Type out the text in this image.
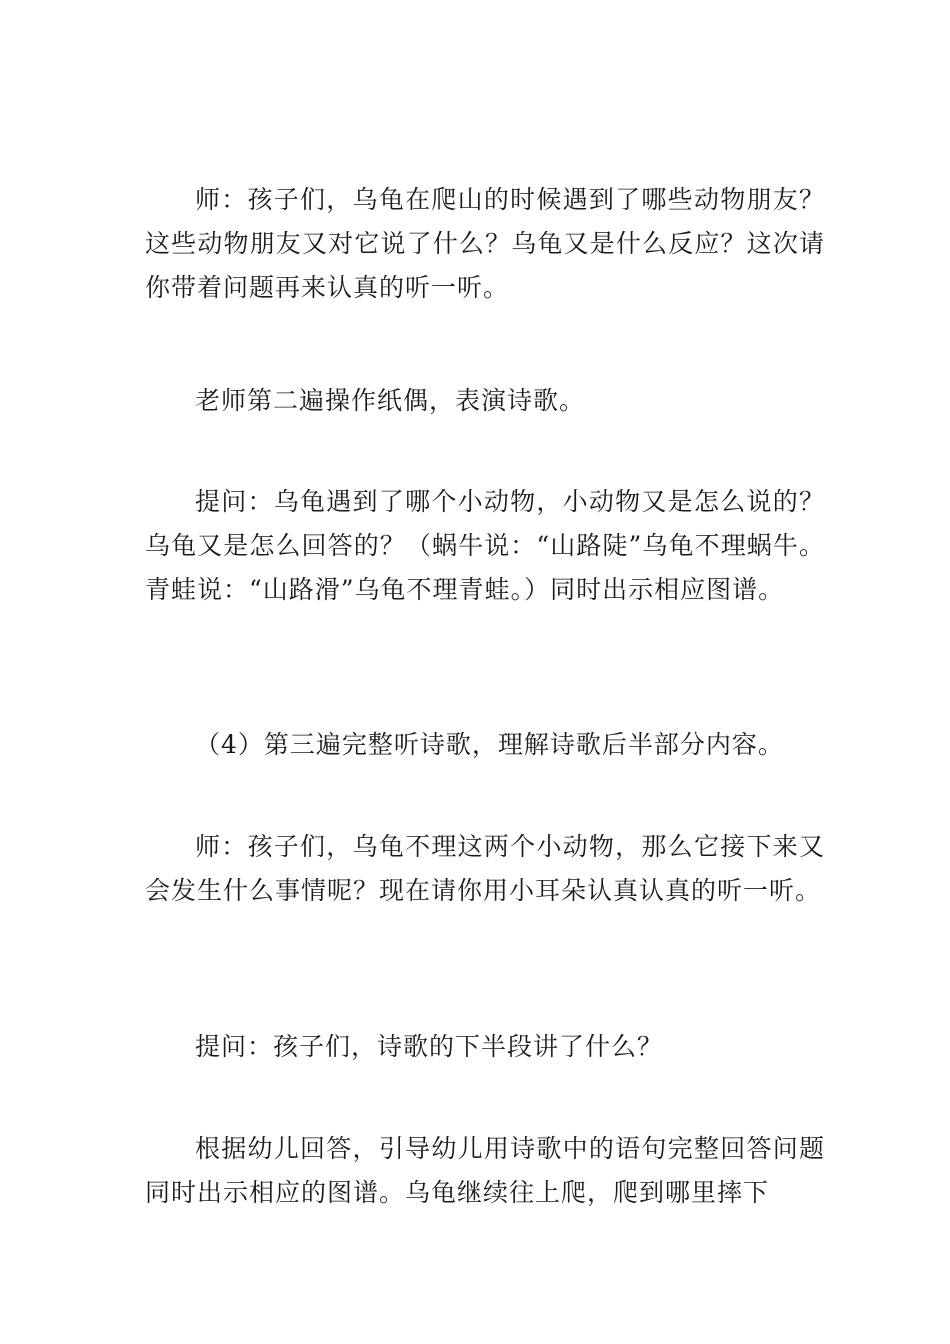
师：孩子们，乌龟在爬山的时候遇到了哪些动物朋友？这些动物朋友又对它说了什么？乌龟又是什么反应？这次请你带着问题再来认真的听一听。

老师第二遍操作纸偶，表演诗歌。

提问：乌龟遇到了哪个小动物，小动物又是怎么说的？乌龟又是怎么回答的？（蜗牛说：“山路陡”乌龟不理蜗牛。青蛙说：“山路滑”乌龟不理青蛙。）同时出示相应图谱。

（4）第三遍完整听诗歌，理解诗歌后半部分内容。

师：孩子们，乌龟不理这两个小动物，那么它接下来又会发生什么事情呢？现在请你用小耳朵认真认真的听一听。

提问：孩子们，诗歌的下半段讲了什么？

根据幼儿回答，引导幼儿用诗歌中的语句完整回答问题同时出示相应的图谱。乌龟继续往上爬，爬到哪里摔下
